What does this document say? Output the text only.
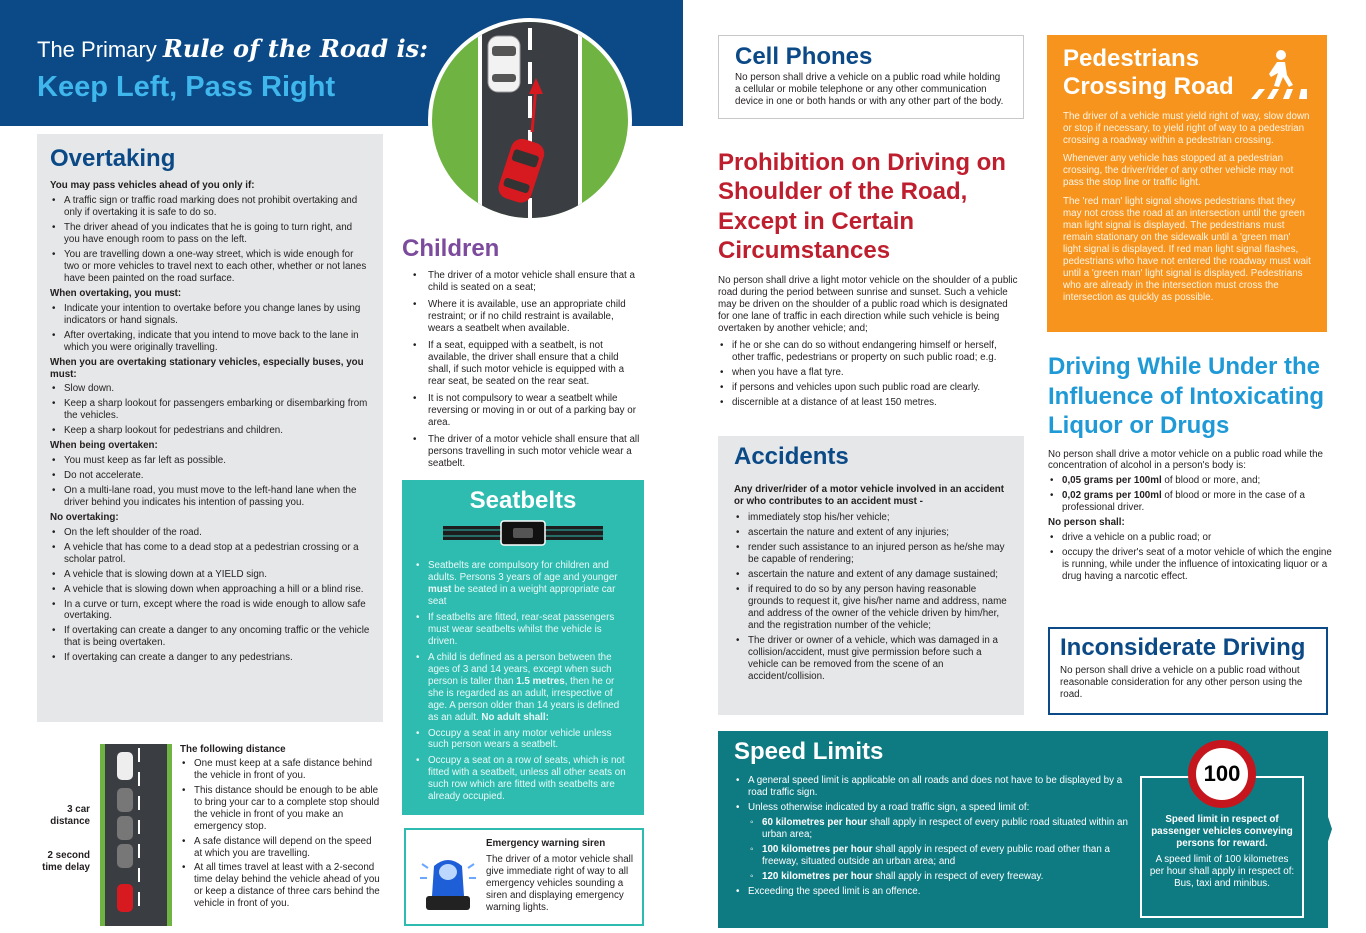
The Primary Rule of the Road is:
Keep Left, Pass Right
Overtaking
You may pass vehicles ahead of you only if:
• A traffic sign or traffic road marking does not prohibit overtaking and only if overtaking it is safe to do so.
• The driver ahead of you indicates that he is going to turn right, and you have enough room to pass on the left.
• You are travelling down a one-way street, which is wide enough for two or more vehicles to travel next to each other, whether or not lanes have been painted on the road surface.
When overtaking, you must:
• Indicate your intention to overtake before you change lanes by using indicators or hand signals.
• After overtaking, indicate that you intend to move back to the lane in which you were originally travelling.
When you are overtaking stationary vehicles, especially buses, you must:
• Slow down.
• Keep a sharp lookout for passengers embarking or disembarking from the vehicles.
• Keep a sharp lookout for pedestrians and children.
When being overtaken:
• You must keep as far left as possible.
• Do not accelerate.
• On a multi-lane road, you must move to the left-hand lane when the driver behind you indicates his intention of passing you.
No overtaking:
• On the left shoulder of the road.
• A vehicle that has come to a dead stop at a pedestrian crossing or a scholar patrol.
• A vehicle that is slowing down at a YIELD sign.
• A vehicle that is slowing down when approaching a hill or a blind rise.
• In a curve or turn, except where the road is wide enough to allow safe overtaking.
• If overtaking can create a danger to any oncoming traffic or the vehicle that is being overtaken.
• If overtaking can create a danger to any pedestrians.
Children
• The driver of a motor vehicle shall ensure that a child is seated on a seat;
• Where it is available, use an appropriate child restraint; or if no child restraint is available, wears a seatbelt when available.
• If a seat, equipped with a seatbelt, is not available, the driver shall ensure that a child shall, if such motor vehicle is equipped with a rear seat, be seated on the rear seat.
• It is not compulsory to wear a seatbelt while reversing or moving in or out of a parking bay or area.
• The driver of a motor vehicle shall ensure that all persons travelling in such motor vehicle wear a seatbelt.
Seatbelts
• Seatbelts are compulsory for children and adults. Persons 3 years of age and younger must be seated in a weight appropriate car seat
• If seatbelts are fitted, rear-seat passengers must wear seatbelts whilst the vehicle is driven.
• A child is defined as a person between the ages of 3 and 14 years, except when such person is taller than 1.5 metres, then he or she is regarded as an adult, irrespective of age. A person older than 14 years is defined as an adult. No adult shall:
• Occupy a seat in any motor vehicle unless such person wears a seatbelt.
• Occupy a seat on a row of seats, which is not fitted with a seatbelt, unless all other seats on such row which are fitted with seatbelts are already occupied.
Emergency warning siren
The driver of a motor vehicle shall give immediate right of way to all emergency vehicles sounding a siren and displaying emergency warning lights.
3 car distance
2 second time delay
The following distance
• One must keep at a safe distance behind the vehicle in front of you.
• This distance should be enough to be able to bring your car to a complete stop should the vehicle in front of you make an emergency stop.
• A safe distance will depend on the speed at which you are travelling.
• At all times travel at least with a 2-second time delay behind the vehicle ahead of you or keep a distance of three cars behind the vehicle in front of you.
Cell Phones
No person shall drive a vehicle on a public road while holding a cellular or mobile telephone or any other communication device in one or both hands or with any other part of the body.
Pedestrians Crossing Road

The driver of a vehicle must yield right of way, slow down or stop if necessary, to yield right of way to a pedestrian crossing a roadway within a pedestrian crossing.

Whenever any vehicle has stopped at a pedestrian crossing, the driver/rider of any other vehicle may not pass the stop line or traffic light.

The 'red man' light signal shows pedestrians that they may not cross the road at an intersection until the green man light signal is displayed. The pedestrians must remain stationary on the sidewalk until a 'green man' light signal is displayed. If red man light signal flashes, pedestrians who have not entered the roadway must wait until a 'green man' light signal is displayed. Pedestrians who are already in the intersection must cross the intersection as quickly as possible.

Prohibition on Driving on Shoulder of the Road, Except in Certain Circumstances

No person shall drive a light motor vehicle on the shoulder of a public road during the period between sunrise and sunset. Such a vehicle may be driven on the shoulder of a public road which is designated for one lane of traffic in each direction while such vehicle is being overtaken by another vehicle; and;

• if he or she can do so without endangering himself or herself, other traffic, pedestrians or property on such public road; e.g.
• when you have a flat tyre.
• if persons and vehicles upon such public road are clearly.
• discernible at a distance of at least 150 metres.
Accidents
Any driver/rider of a motor vehicle involved in an accident or who contributes to an accident must -
• immediately stop his/her vehicle;
• ascertain the nature and extent of any injuries;
• render such assistance to an injured person as he/she may be capable of rendering;
• ascertain the nature and extent of any damage sustained;
• if required to do so by any person having reasonable grounds to request it, give his/her name and address, name and address of the owner of the vehicle driven by him/her, and the registration number of the vehicle;
• The driver or owner of a vehicle, which was damaged in a collision/accident, must give permission before such a vehicle can be removed from the scene of an accident/collision.
Driving While Under the Influence of Intoxicating Liquor or Drugs

No person shall drive a motor vehicle on a public road while the concentration of alcohol in a person's body is:

• 0,05 grams per 100ml of blood or more, and;
• 0,02 grams per 100ml of blood or more in the case of a professional driver.
No person shall:
• drive a vehicle on a public road; or
• occupy the driver's seat of a motor vehicle of which the engine is running, while under the influence of intoxicating liquor or a drug having a narcotic effect.
Inconsiderate Driving
No person shall drive a vehicle on a public road without reasonable consideration for any other person using the road.
Speed Limits
• A general speed limit is applicable on all roads and does not have to be displayed by a road traffic sign.
• Unless otherwise indicated by a road traffic sign, a speed limit of:
◦ 60 kilometres per hour shall apply in respect of every public road situated within an urban area;
◦ 100 kilometres per hour shall apply in respect of every public road other than a freeway, situated outside an urban area; and
◦ 120 kilometres per hour shall apply in respect of every freeway.
• Exceeding the speed limit is an offence.
Speed limit in respect of passenger vehicles conveying persons for reward.
A speed limit of 100 kilometres per hour shall apply in respect of: Bus, taxi and minibus.
100
